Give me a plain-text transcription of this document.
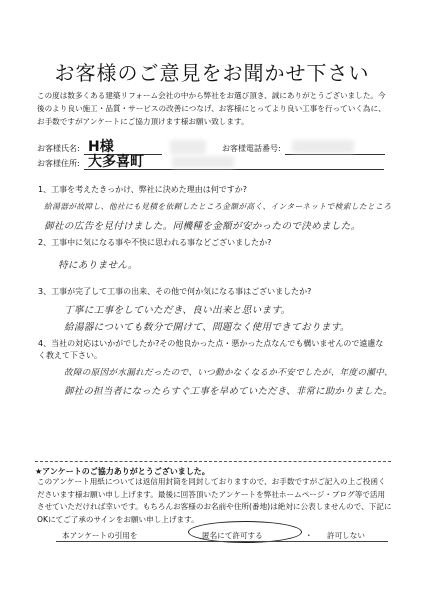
お客様のご意見をお聞かせ下さい
この度は数多くある建築リフォーム会社の中から弊社をお選び頂き、誠にありがとうございました。今後のより良い施工・品質・サービスの改善につなげ、お客様にとってより良い工事を行っていく為に、お手数ですがアンケートにご協力頂けます様お願い致します。
お客様氏名: H様	お客様電話番号:
お客様住所: 大多喜町
1、工事を考えたきっかけ、弊社に決めた理由は何ですか?
給湯器が故障し、他社にも見積を依頼したところ金額が高く、インターネットで検索したところ
御社の広告を見付けました。同機種を金額が安かったので決めました。
2、工事中に気になる事や不快に思われる事などございましたか?
特にありません。
3、工事が完了して工事の出来、その他で何か気になる事はございましたか?
丁寧に工事をしていただき、良い出来と思います。
給湯器についても数分で開けて、問題なく使用できております。
4、当社の対応はいかがでしたか?その他良かった点・悪かった点なんでも構いませんので遠慮な
く教えて下さい。
故障の原因が水漏れだったので、いつ動かなくなるか不安でしたが、年度の瀬中、
御社の担当者になったらすぐ工事を早めていただき、非常に助かりました。
★アンケートのご協力ありがとうございました。
このアンケート用紙については返信用封筒を同封しておりますので、お手数ですがご記入の上ご投函くださいます様お願い申し上げます。最後に回答頂いたアンケートを弊社ホームページ・ブログ等で活用させていただければ幸いです。もちろんお客様のお名前や住所(番地)は絶対に公表しませんので、下記にOKにてご了承のサインをお願い申し上げます。
本アンケートの引用を	匿名にて許可する	・ 許可しない
